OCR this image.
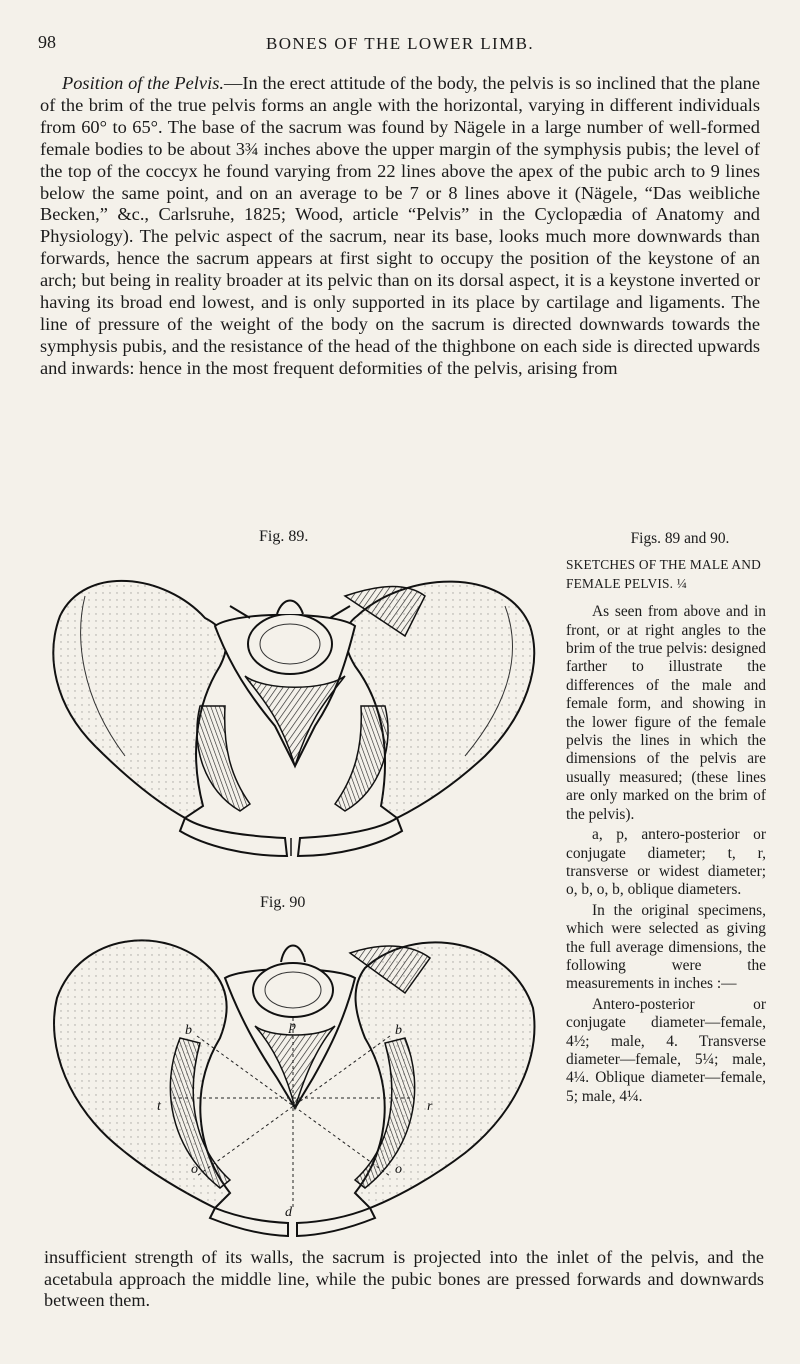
98	BONES OF THE LOWER LIMB.
Position of the Pelvis.—In the erect attitude of the body, the pelvis is so inclined that the plane of the brim of the true pelvis forms an angle with the horizontal, varying in different individuals from 60° to 65°. The base of the sacrum was found by Nägele in a large number of well-formed female bodies to be about 3¾ inches above the upper margin of the symphysis pubis; the level of the top of the coccyx he found varying from 22 lines above the apex of the pubic arch to 9 lines below the same point, and on an average to be 7 or 8 lines above it (Nägele, “Das weibliche Becken,” &c., Carlsruhe, 1825; Wood, article “Pelvis” in the Cyclopædia of Anatomy and Physiology). The pelvic aspect of the sacrum, near its base, looks much more downwards than forwards, hence the sacrum appears at first sight to occupy the position of the keystone of an arch; but being in reality broader at its pelvic than on its dorsal aspect, it is a keystone inverted or having its broad end lowest, and is only supported in its place by cartilage and ligaments. The line of pressure of the weight of the body on the sacrum is directed downwards towards the symphysis pubis, and the resistance of the head of the thighbone on each side is directed upwards and inwards: hence in the most frequent deformities of the pelvis, arising from
Fig. 89.
Fig. 90
p
b	b
t	r
o	o
d
Figs. 89 and 90.
SKETCHES OF THE MALE AND FEMALE PELVIS. ¼

As seen from above and in front, or at right angles to the brim of the true pelvis: designed farther to illustrate the differences of the male and female form, and showing in the lower figure of the female pelvis the lines in which the dimensions of the pelvis are usually measured; (these lines are only marked on the brim of the pelvis).

a, p, antero-posterior or conjugate diameter; t, r, transverse or widest diameter; o, b, o, b, oblique diameters.

In the original specimens, which were selected as giving the full average dimensions, the following were the measurements in inches :—

Antero-posterior or conjugate diameter—female, 4½; male, 4. Transverse diameter—female, 5¼; male, 4¼. Oblique diameter—female, 5; male, 4¼.

insufficient strength of its walls, the sacrum is projected into the inlet of the pelvis, and the acetabula approach the middle line, while the pubic bones are pressed forwards and downwards between them.
